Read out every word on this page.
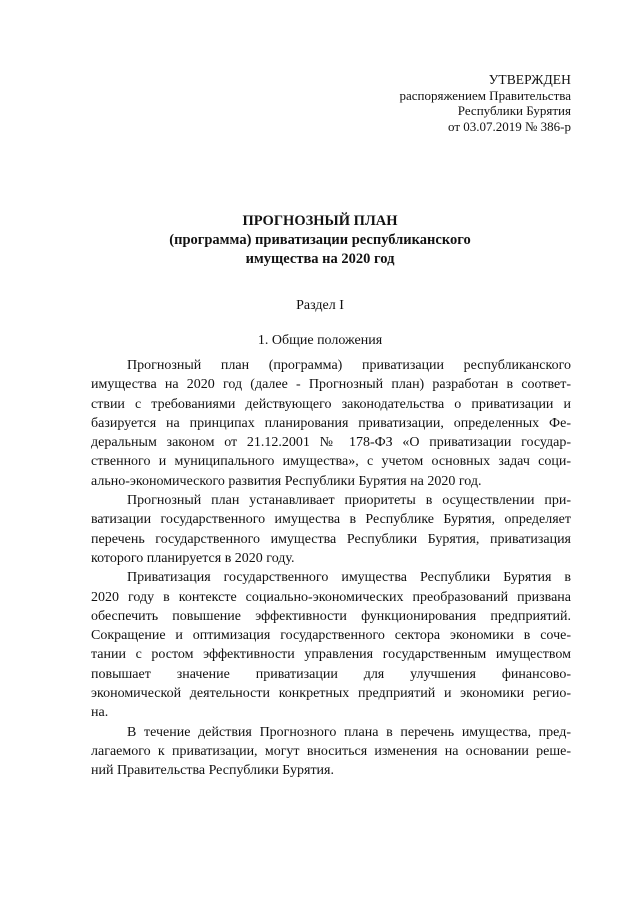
УТВЕРЖДЕН
распоряжением Правительства
Республики Бурятия
от 03.07.2019 № 386-р
ПРОГНОЗНЫЙ ПЛАН
(программа) приватизации республиканского
имущества на 2020 год
Раздел I
1. Общие положения
Прогнозный план (программа) приватизации республиканского
имущества на 2020 год (далее - Прогнозный план) разработан в соответ-
ствии с требованиями действующего законодательства о приватизации и
базируется на принципах планирования приватизации, определенных Фе-
деральным законом от 21.12.2001 № 178-ФЗ «О приватизации государ-
ственного и муниципального имущества», с учетом основных задач соци-
ально-экономического развития Республики Бурятия на 2020 год.
Прогнозный план устанавливает приоритеты в осуществлении при-
ватизации государственного имущества в Республике Бурятия, определяет
перечень государственного имущества Республики Бурятия, приватизация
которого планируется в 2020 году.
Приватизация государственного имущества Республики Бурятия в
2020 году в контексте социально-экономических преобразований призвана
обеспечить повышение эффективности функционирования предприятий.
Сокращение и оптимизация государственного сектора экономики в соче-
тании с ростом эффективности управления государственным имуществом
повышает значение приватизации для улучшения финансово-
экономической деятельности конкретных предприятий и экономики регио-
на.
В течение действия Прогнозного плана в перечень имущества, пред-
лагаемого к приватизации, могут вноситься изменения на основании реше-
ний Правительства Республики Бурятия.
